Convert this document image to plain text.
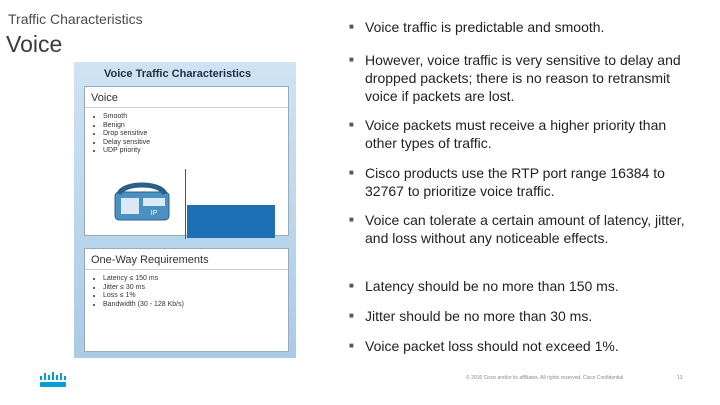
Traffic Characteristics
Voice
Voice Traffic Characteristics
Voice
• Smooth
• Benign
• Drop sensitive
• Delay sensitive
• UDP priority
IP
One-Way Requirements
• Latency ≤ 150 ms
• Jitter ≤ 30 ms
• Loss ≤ 1%
• Bandwidth (30 - 128 Kb/s)
■ Voice traffic is predictable and smooth.
■ However, voice traffic is very sensitive to delay and dropped packets; there is no reason to retransmit voice if packets are lost.
■ Voice packets must receive a higher priority than other types of traffic.
■ Cisco products use the RTP port range 16384 to 32767 to prioritize voice traffic.
■ Voice can tolerate a certain amount of latency, jitter, and loss without any noticeable effects.
■ Latency should be no more than 150 ms.
■ Jitter should be no more than 30 ms.
■ Voice packet loss should not exceed 1%.
© 2016 Cisco and/or its affiliates. All rights reserved. Cisco Confidential	13
